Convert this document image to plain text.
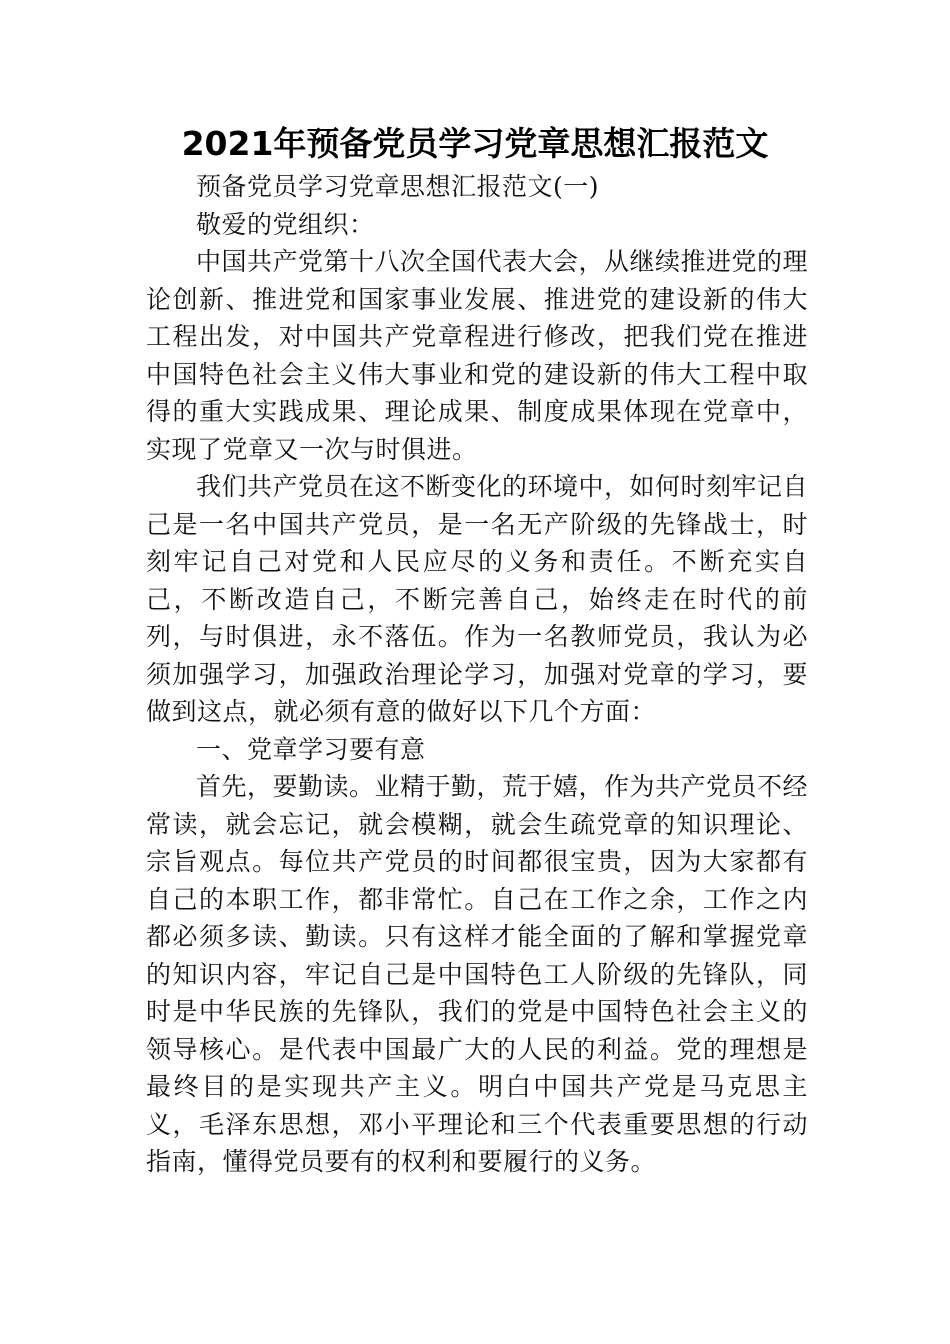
2021年预备党员学习党章思想汇报范文

预备党员学习党章思想汇报范文(一)

敬爱的党组织：

中国共产党第十八次全国代表大会，从继续推进党的理论创新、推进党和国家事业发展、推进党的建设新的伟大工程出发，对中国共产党章程进行修改，把我们党在推进中国特色社会主义伟大事业和党的建设新的伟大工程中取得的重大实践成果、理论成果、制度成果体现在党章中，实现了党章又一次与时俱进。

我们共产党员在这不断变化的环境中，如何时刻牢记自己是一名中国共产党员，是一名无产阶级的先锋战士，时刻牢记自己对党和人民应尽的义务和责任。不断充实自己，不断改造自己，不断完善自己，始终走在时代的前列，与时俱进，永不落伍。作为一名教师党员，我认为必须加强学习，加强政治理论学习，加强对党章的学习，要做到这点，就必须有意的做好以下几个方面：

一、党章学习要有意

首先，要勤读。业精于勤，荒于嬉，作为共产党员不经常读，就会忘记，就会模糊，就会生疏党章的知识理论、宗旨观点。每位共产党员的时间都很宝贵，因为大家都有自己的本职工作，都非常忙。自己在工作之余，工作之内都必须多读、勤读。只有这样才能全面的了解和掌握党章的知识内容，牢记自己是中国特色工人阶级的先锋队，同时是中华民族的先锋队，我们的党是中国特色社会主义的领导核心。是代表中国最广大的人民的利益。党的理想是最终目的是实现共产主义。明白中国共产党是马克思主义，毛泽东思想，邓小平理论和三个代表重要思想的行动指南，懂得党员要有的权利和要履行的义务。
